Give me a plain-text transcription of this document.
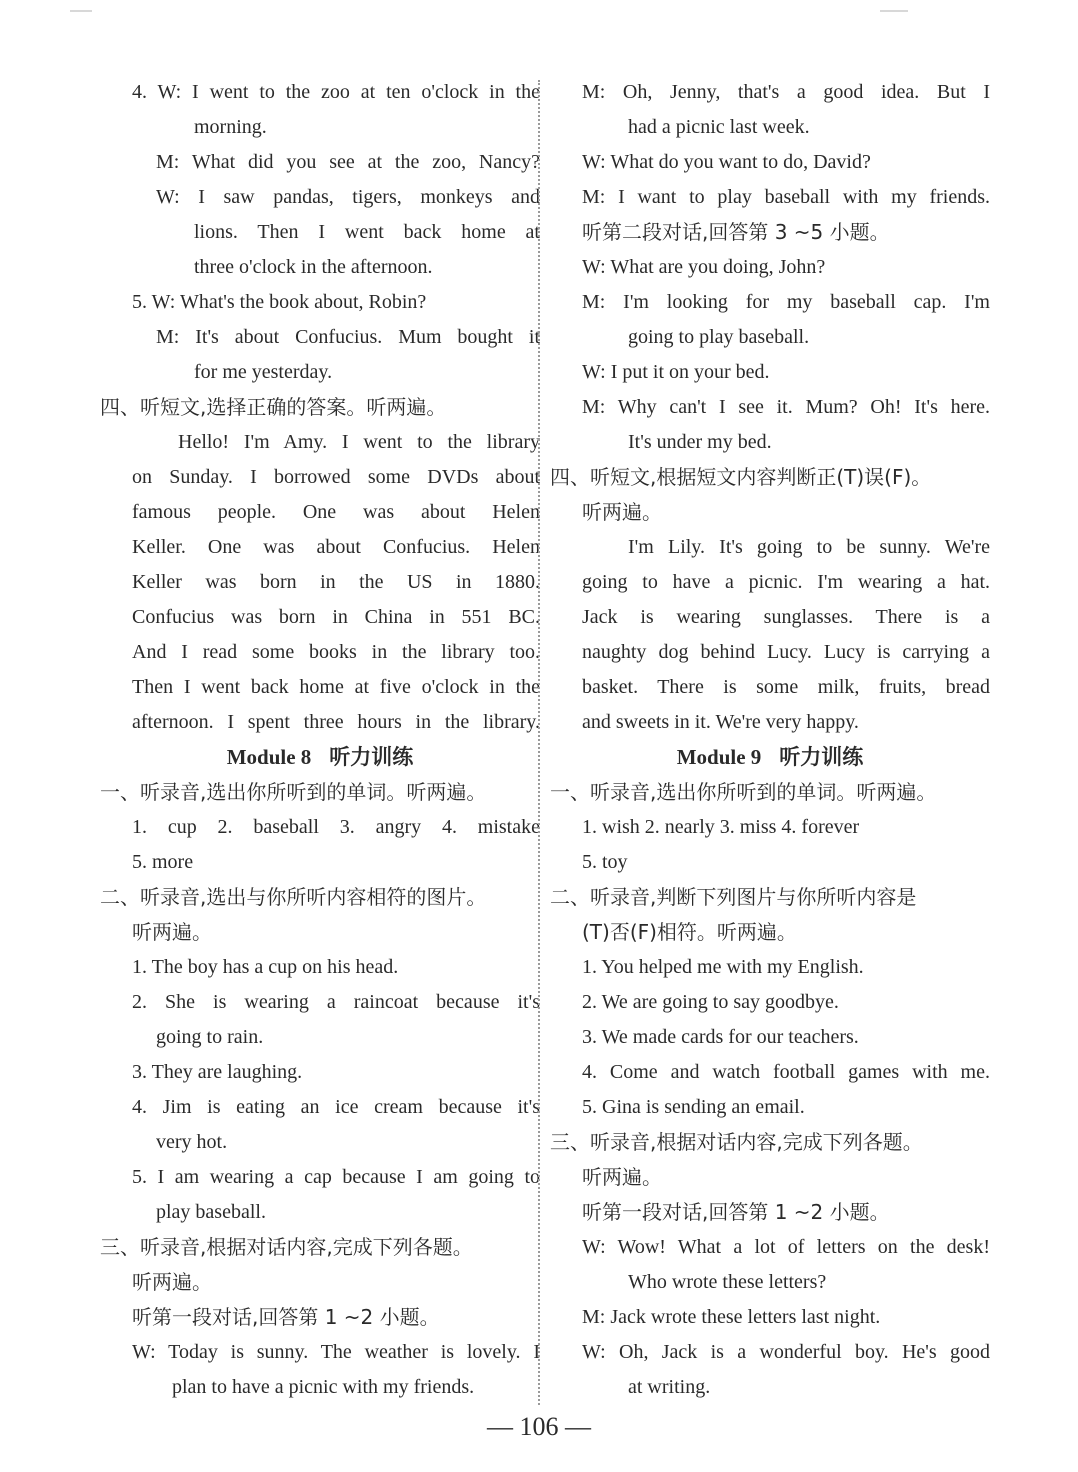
4. W: I went to the zoo at ten o'clock in the
morning.
M: What did you see at the zoo, Nancy?
W: I saw pandas, tigers, monkeys and
lions. Then I went back home at
three o'clock in the afternoon.
5. W: What's the book about, Robin?
M: It's about Confucius. Mum bought it
for me yesterday.
四、听短文,选择正确的答案。听两遍。
Hello! I'm Amy. I went to the library
on Sunday. I borrowed some DVDs about
famous people. One was about Helen
Keller. One was about Confucius. Helen
Keller was born in the US in 1880.
Confucius was born in China in 551 BC.
And I read some books in the library too.
Then I went back home at five o'clock in the
afternoon. I spent three hours in the library.
Module 8 听力训练
一、听录音,选出你所听到的单词。听两遍。
1. cup 2. baseball 3. angry 4. mistake
5. more
二、听录音,选出与你所听内容相符的图片。
听两遍。
1. The boy has a cup on his head.
2. She is wearing a raincoat because it's
going to rain.
3. They are laughing.
4. Jim is eating an ice cream because it's
very hot.
5. I am wearing a cap because I am going to
play baseball.
三、听录音,根据对话内容,完成下列各题。
听两遍。
听第一段对话,回答第 1 ~2 小题。
W: Today is sunny. The weather is lovely. I
plan to have a picnic with my friends.
M: Oh, Jenny, that's a good idea. But I
had a picnic last week.
W: What do you want to do, David?
M: I want to play baseball with my friends.
听第二段对话,回答第 3 ~5 小题。
W: What are you doing, John?
M: I'm looking for my baseball cap. I'm
going to play baseball.
W: I put it on your bed.
M: Why can't I see it. Mum? Oh! It's here.
It's under my bed.
四、听短文,根据短文内容判断正(T)误(F)。
听两遍。
I'm Lily. It's going to be sunny. We're
going to have a picnic. I'm wearing a hat.
Jack is wearing sunglasses. There is a
naughty dog behind Lucy. Lucy is carrying a
basket. There is some milk, fruits, bread
and sweets in it. We're very happy.
Module 9 听力训练
一、听录音,选出你所听到的单词。听两遍。
1. wish 2. nearly 3. miss 4. forever
5. toy
二、听录音,判断下列图片与你所听内容是
(T)否(F)相符。听两遍。
1. You helped me with my English.
2. We are going to say goodbye.
3. We made cards for our teachers.
4. Come and watch football games with me.
5. Gina is sending an email.
三、听录音,根据对话内容,完成下列各题。
听两遍。
听第一段对话,回答第 1 ~2 小题。
W: Wow! What a lot of letters on the desk!
Who wrote these letters?
M: Jack wrote these letters last night.
W: Oh, Jack is a wonderful boy. He's good
at writing.
— 106 —
